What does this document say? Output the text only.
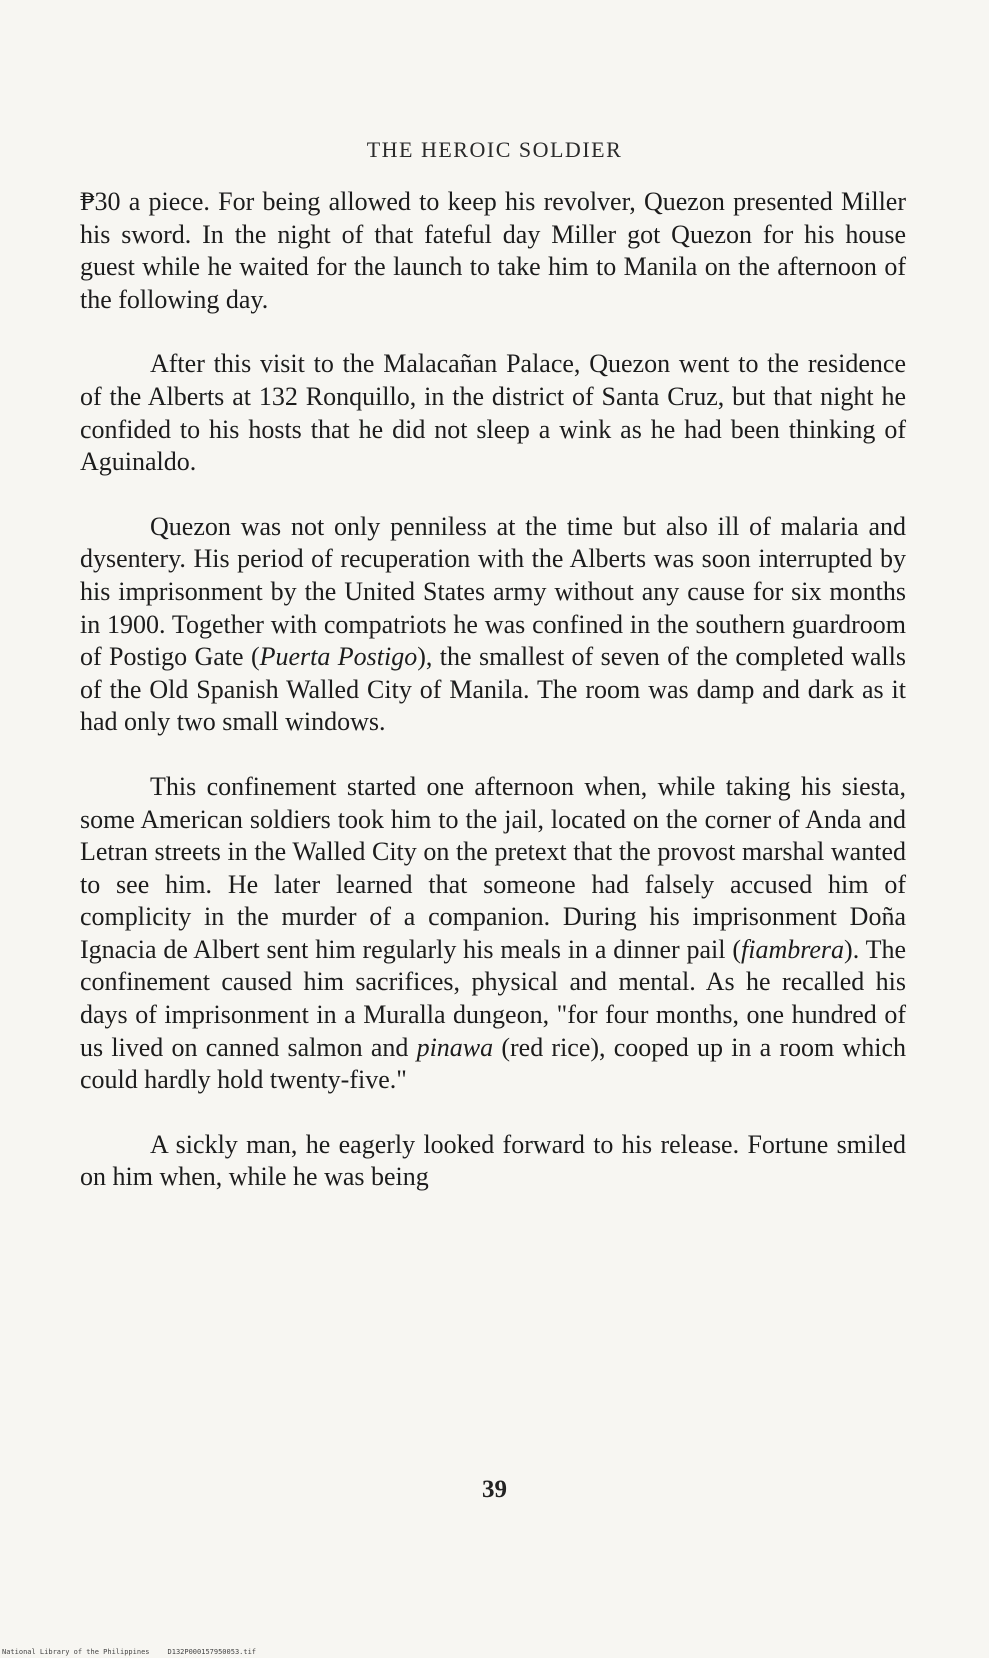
THE HEROIC SOLDIER

₱30 a piece. For being allowed to keep his revolver, Quezon presented Miller his sword. In the night of that fateful day Miller got Quezon for his house guest while he waited for the launch to take him to Manila on the afternoon of the following day.

After this visit to the Malacañan Palace, Quezon went to the residence of the Alberts at 132 Ronquillo, in the district of Santa Cruz, but that night he confided to his hosts that he did not sleep a wink as he had been thinking of Aguinaldo.

Quezon was not only penniless at the time but also ill of malaria and dysentery. His period of recuperation with the Alberts was soon interrupted by his imprisonment by the United States army without any cause for six months in 1900. Together with compatriots he was confined in the southern guardroom of Postigo Gate (Puerta Postigo), the smallest of seven of the completed walls of the Old Spanish Walled City of Manila. The room was damp and dark as it had only two small windows.

This confinement started one afternoon when, while taking his siesta, some American soldiers took him to the jail, located on the corner of Anda and Letran streets in the Walled City on the pretext that the provost marshal wanted to see him. He later learned that someone had falsely accused him of complicity in the murder of a companion. During his imprisonment Doña Ignacia de Albert sent him regularly his meals in a dinner pail (fiambrera). The confinement caused him sacrifices, physical and mental. As he recalled his days of imprisonment in a Muralla dungeon, "for four months, one hundred of us lived on canned salmon and pinawa (red rice), cooped up in a room which could hardly hold twenty-five."

A sickly man, he eagerly looked forward to his release. Fortune smiled on him when, while he was being

39
National Library of the Philippines	D132P000157950053.tif
